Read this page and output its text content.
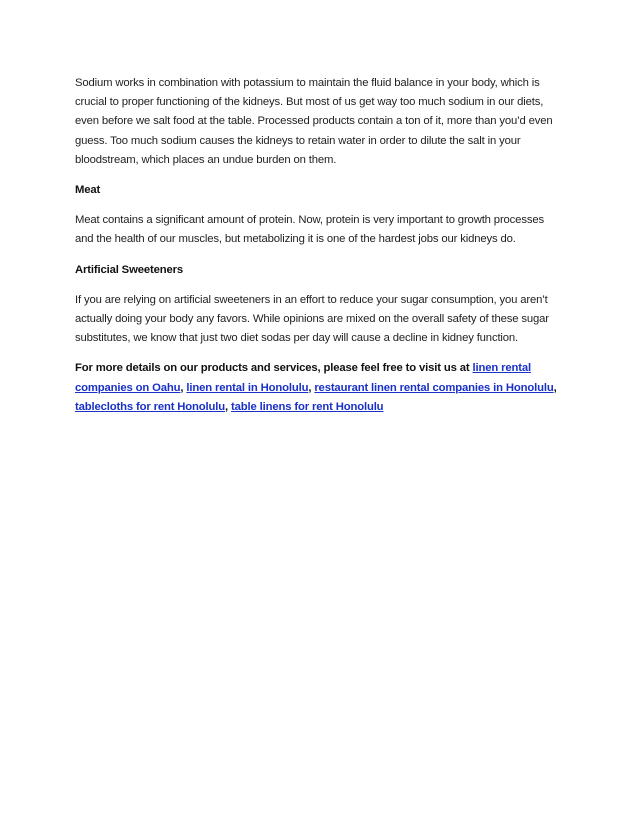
Sodium works in combination with potassium to maintain the fluid balance in your body, which is crucial to proper functioning of the kidneys. But most of us get way too much sodium in our diets, even before we salt food at the table. Processed products contain a ton of it, more than you’d even guess. Too much sodium causes the kidneys to retain water in order to dilute the salt in your bloodstream, which places an undue burden on them.

Meat

Meat contains a significant amount of protein. Now, protein is very important to growth processes and the health of our muscles, but metabolizing it is one of the hardest jobs our kidneys do.

Artificial Sweeteners

If you are relying on artificial sweeteners in an effort to reduce your sugar consumption, you aren’t actually doing your body any favors. While opinions are mixed on the overall safety of these sugar substitutes, we know that just two diet sodas per day will cause a decline in kidney function.

For more details on our products and services, please feel free to visit us at linen rental companies on Oahu, linen rental in Honolulu, restaurant linen rental companies in Honolulu, tablecloths for rent Honolulu, table linens for rent Honolulu
